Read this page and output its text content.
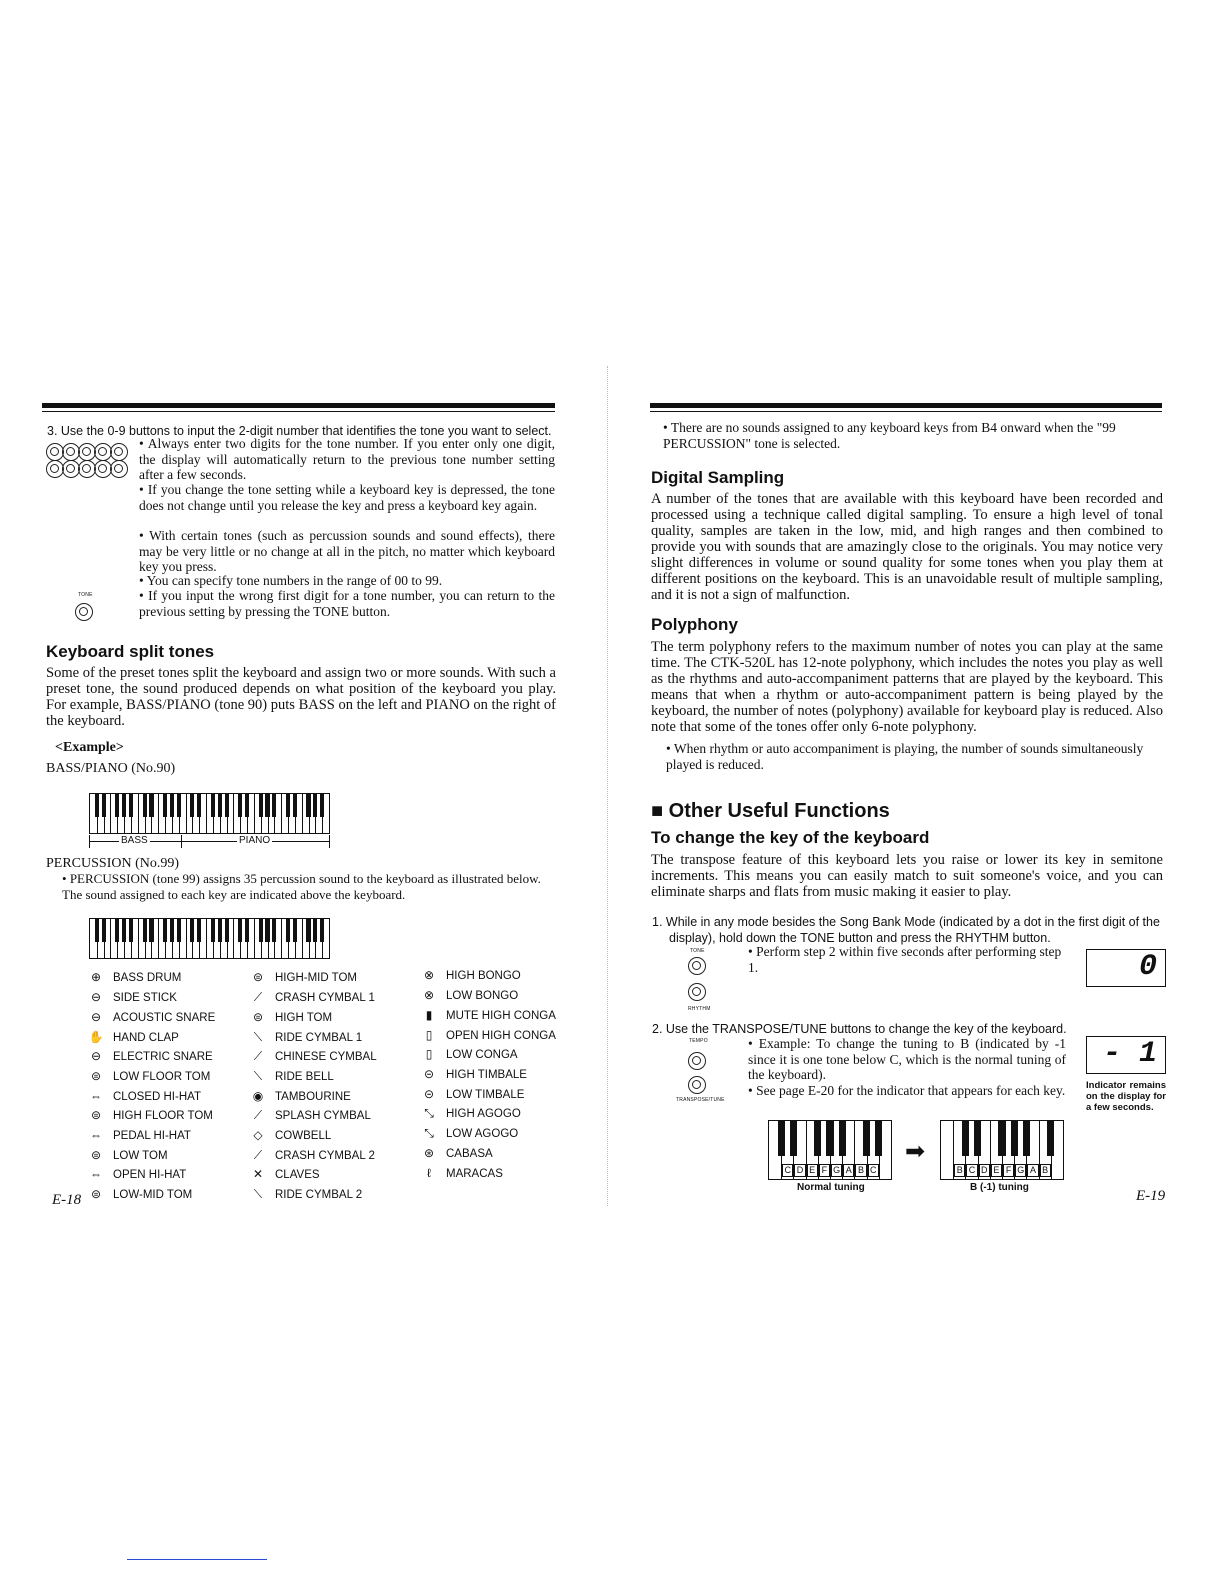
3. Use the 0-9 buttons to input the 2-digit number that identifies the tone you want to select.
• Always enter two digits for the tone number. If you enter only one digit, the display will automatically return to the previous tone number setting after a few seconds.
• If you change the tone setting while a keyboard key is depressed, the tone does not change until you release the key and press a keyboard key again.
• With certain tones (such as percussion sounds and sound effects), there may be very little or no change at all in the pitch, no matter which keyboard key you press.
• You can specify tone numbers in the range of 00 to 99.
• If you input the wrong first digit for a tone number, you can return to the previous setting by pressing the TONE button.
TONE
Keyboard split tones
Some of the preset tones split the keyboard and assign two or more sounds. With such a preset tone, the sound produced depends on what position of the keyboard you play. For example, BASS/PIANO (tone 90) puts BASS on the left and PIANO on the right of the keyboard.
<Example>
BASS/PIANO (No.90)
BASS	PIANO
PERCUSSION (No.99)
• PERCUSSION (tone 99) assigns 35 percussion sound to the keyboard as illustrated below. The sound assigned to each key are indicated above the keyboard.
⊕ BASS DRUM
⊖ SIDE STICK
⊖ ACOUSTIC SNARE
✋ HAND CLAP
⊖ ELECTRIC SNARE
⊜ LOW FLOOR TOM
⇔ CLOSED HI-HAT
⊜ HIGH FLOOR TOM
⇔ PEDAL HI-HAT
⊜ LOW TOM
⇔ OPEN HI-HAT
⊜ LOW-MID TOM
⊜ HIGH-MID TOM
⟋ CRASH CYMBAL 1
⊜ HIGH TOM
⟍ RIDE CYMBAL 1
⟋ CHINESE CYMBAL
⟍ RIDE BELL
◉ TAMBOURINE
⟋ SPLASH CYMBAL
◇ COWBELL
⟋ CRASH CYMBAL 2
✕ CLAVES
⟍ RIDE CYMBAL 2
⊗ HIGH BONGO
⊗ LOW BONGO
▮ MUTE HIGH CONGA
▯ OPEN HIGH CONGA
▯ LOW CONGA
⊝ HIGH TIMBALE
⊝ LOW TIMBALE
⤡ HIGH AGOGO
⤡ LOW AGOGO
⊛ CABASA
ℓ MARACAS
E-18
• There are no sounds assigned to any keyboard keys from B4 onward when the "99 PERCUSSION" tone is selected.
Digital Sampling
A number of the tones that are available with this keyboard have been recorded and processed using a technique called digital sampling. To ensure a high level of tonal quality, samples are taken in the low, mid, and high ranges and then combined to provide you with sounds that are amazingly close to the originals. You may notice very slight differences in volume or sound quality for some tones when you play them at different positions on the keyboard. This is an unavoidable result of multiple sampling, and it is not a sign of malfunction.
Polyphony
The term polyphony refers to the maximum number of notes you can play at the same time. The CTK-520L has 12-note polyphony, which includes the notes you play as well as the rhythms and auto-accompaniment patterns that are played by the keyboard. This means that when a rhythm or auto-accompaniment pattern is being played by the keyboard, the number of notes (polyphony) available for keyboard play is reduced. Also note that some of the tones offer only 6-note polyphony.
• When rhythm or auto accompaniment is playing, the number of sounds simultaneously played is reduced.
■ Other Useful Functions
To change the key of the keyboard
The transpose feature of this keyboard lets you raise or lower its key in semitone increments. This means you can easily match to suit someone's voice, and you can eliminate sharps and flats from music making it easier to play.
1. While in any mode besides the Song Bank Mode (indicated by a dot in the first digit of the display), hold down the TONE button and press the RHYTHM button.
TONE
RHYTHM
• Perform step 2 within five seconds after performing step 1.	0
2. Use the TRANSPOSE/TUNE buttons to change the key of the keyboard.
TEMPO
TRANSPOSE/TUNE
• Example: To change the tuning to B (indicated by -1 since it is one tone below C, which is the normal tuning of the keyboard).
• See page E-20 for the indicator that appears for each key.
- 1
Indicator remains on the display for a few seconds.
C D E F G A B C
Normal tuning
➡
B C D E F G A B
B (-1) tuning
E-19
